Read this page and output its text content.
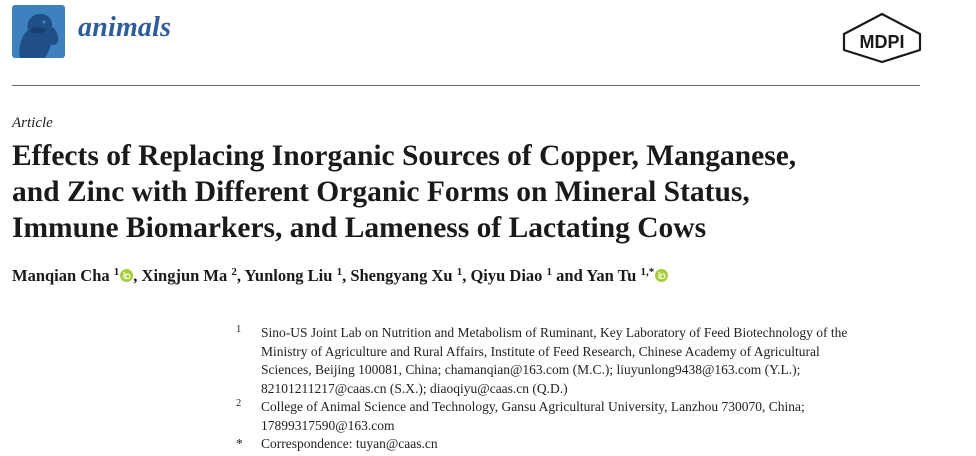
animals	MDPI
Article
Effects of Replacing Inorganic Sources of Copper, Manganese,
and Zinc with Different Organic Forms on Mineral Status,
Immune Biomarkers, and Lameness of Lactating Cows
Manqian Cha $^1$ , Xingjun Ma $^2$, Yunlong Liu $^1$, Shengyang Xu $^1$, Qiyu Diao $^1$ and Yan Tu $^{1,*}$
1 Sino-US Joint Lab on Nutrition and Metabolism of Ruminant, Key Laboratory of Feed Biotechnology of the
Ministry of Agriculture and Rural Affairs, Institute of Feed Research, Chinese Academy of Agricultural
Sciences, Beijing 100081, China; chamanqian@163.com (M.C.); liuyunlong9438@163.com (Y.L.);
82101211217@caas.cn (S.X.); diaoqiyu@caas.cn (Q.D.)
2 College of Animal Science and Technology, Gansu Agricultural University, Lanzhou 730070, China;
17899317590@163.com
* Correspondence: tuyan@caas.cn
